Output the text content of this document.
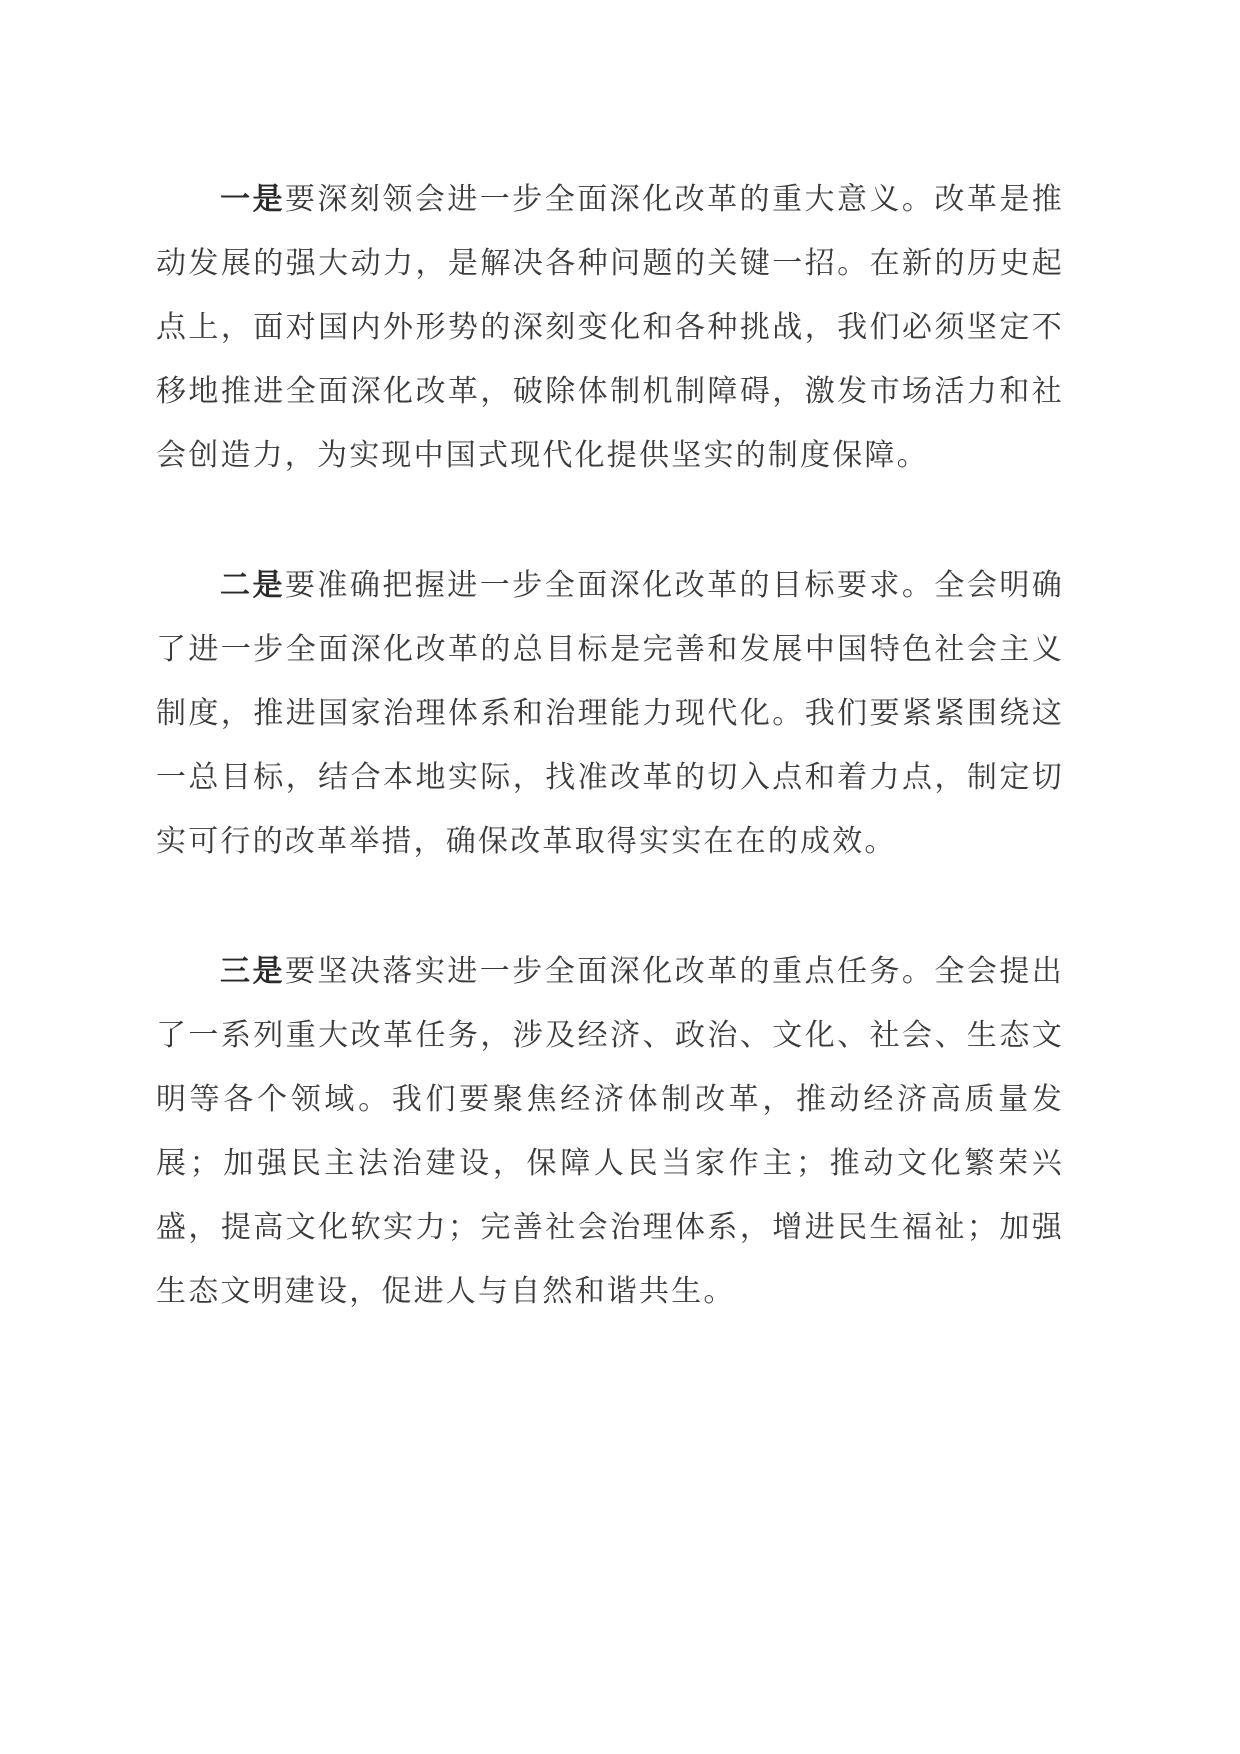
一是要深刻领会进一步全面深化改革的重大意义。改革是推动发展的强大动力，是解决各种问题的关键一招。在新的历史起点上，面对国内外形势的深刻变化和各种挑战，我们必须坚定不移地推进全面深化改革，破除体制机制障碍，激发市场活力和社会创造力，为实现中国式现代化提供坚实的制度保障。

二是要准确把握进一步全面深化改革的目标要求。全会明确了进一步全面深化改革的总目标是完善和发展中国特色社会主义制度，推进国家治理体系和治理能力现代化。我们要紧紧围绕这一总目标，结合本地实际，找准改革的切入点和着力点，制定切实可行的改革举措，确保改革取得实实在在的成效。

三是要坚决落实进一步全面深化改革的重点任务。全会提出了一系列重大改革任务，涉及经济、政治、文化、社会、生态文明等各个领域。我们要聚焦经济体制改革，推动经济高质量发展；加强民主法治建设，保障人民当家作主；推动文化繁荣兴盛，提高文化软实力；完善社会治理体系，增进民生福祉；加强生态文明建设，促进人与自然和谐共生。
